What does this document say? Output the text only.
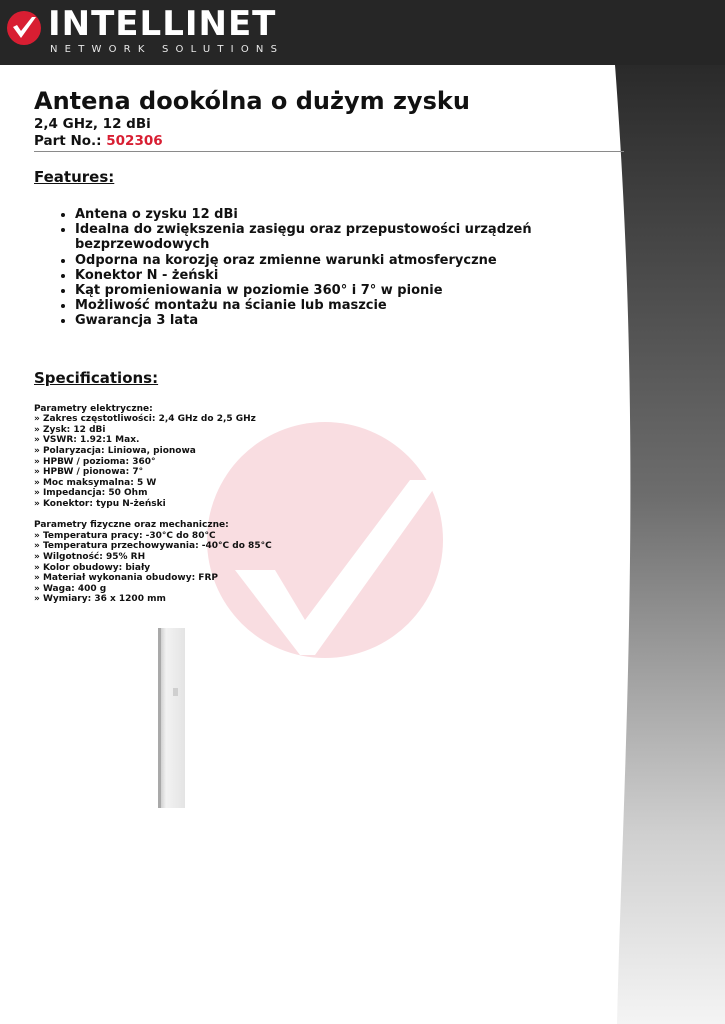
INTELLINET
NETWORK SOLUTIONS
Antena dookólna o dużym zysku
2,4 GHz, 12 dBi
Part No.: 502306
Features:
• Antena o zysku 12 dBi
• Idealna do zwiększenia zasięgu oraz przepustowości urządzeń bezprzewodowych
• Odporna na korozję oraz zmienne warunki atmosferyczne
• Konektor N - żeński
• Kąt promieniowania w poziomie 360° i 7° w pionie
• Możliwość montażu na ścianie lub maszcie
• Gwarancja 3 lata
Specifications:
Parametry elektryczne:
» Zakres częstotliwości: 2,4 GHz do 2,5 GHz
» Zysk: 12 dBi
» VSWR: 1.92:1 Max.
» Polaryzacja: Liniowa, pionowa
» HPBW / pozioma: 360°
» HPBW / pionowa: 7°
» Moc maksymalna: 5 W
» Impedancja: 50 Ohm
» Konektor: typu N-żeński
Parametry fizyczne oraz mechaniczne:
» Temperatura pracy: -30°C do 80°C
» Temperatura przechowywania: -40°C do 85°C
» Wilgotność: 95% RH
» Kolor obudowy: biały
» Materiał wykonania obudowy: FRP
» Waga: 400 g
» Wymiary: 36 x 1200 mm
